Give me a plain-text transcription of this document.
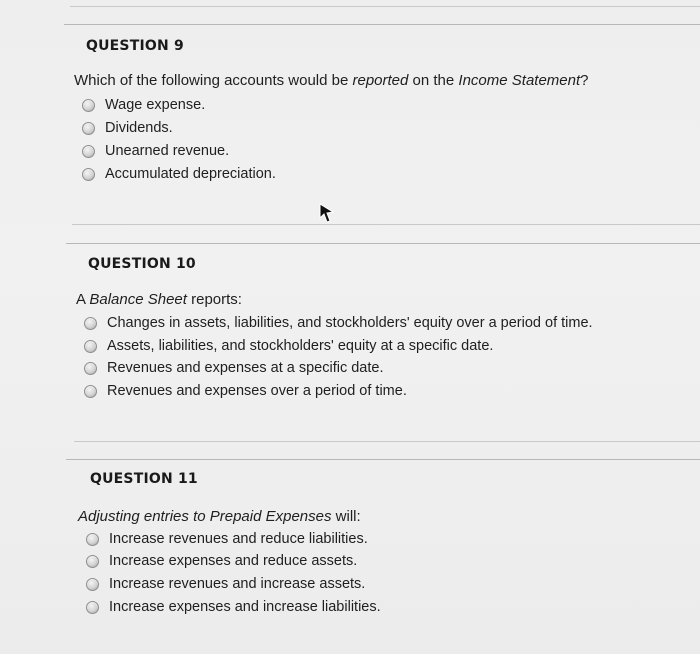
QUESTION 9
Which of the following accounts would be reported on the Income Statement?
Wage expense.
Dividends.
Unearned revenue.
Accumulated depreciation.
QUESTION 10
A Balance Sheet reports:
Changes in assets, liabilities, and stockholders' equity over a period of time.
Assets, liabilities, and stockholders' equity at a specific date.
Revenues and expenses at a specific date.
Revenues and expenses over a period of time.
QUESTION 11
Adjusting entries to Prepaid Expenses will:
Increase revenues and reduce liabilities.
Increase expenses and reduce assets.
Increase revenues and increase assets.
Increase expenses and increase liabilities.
